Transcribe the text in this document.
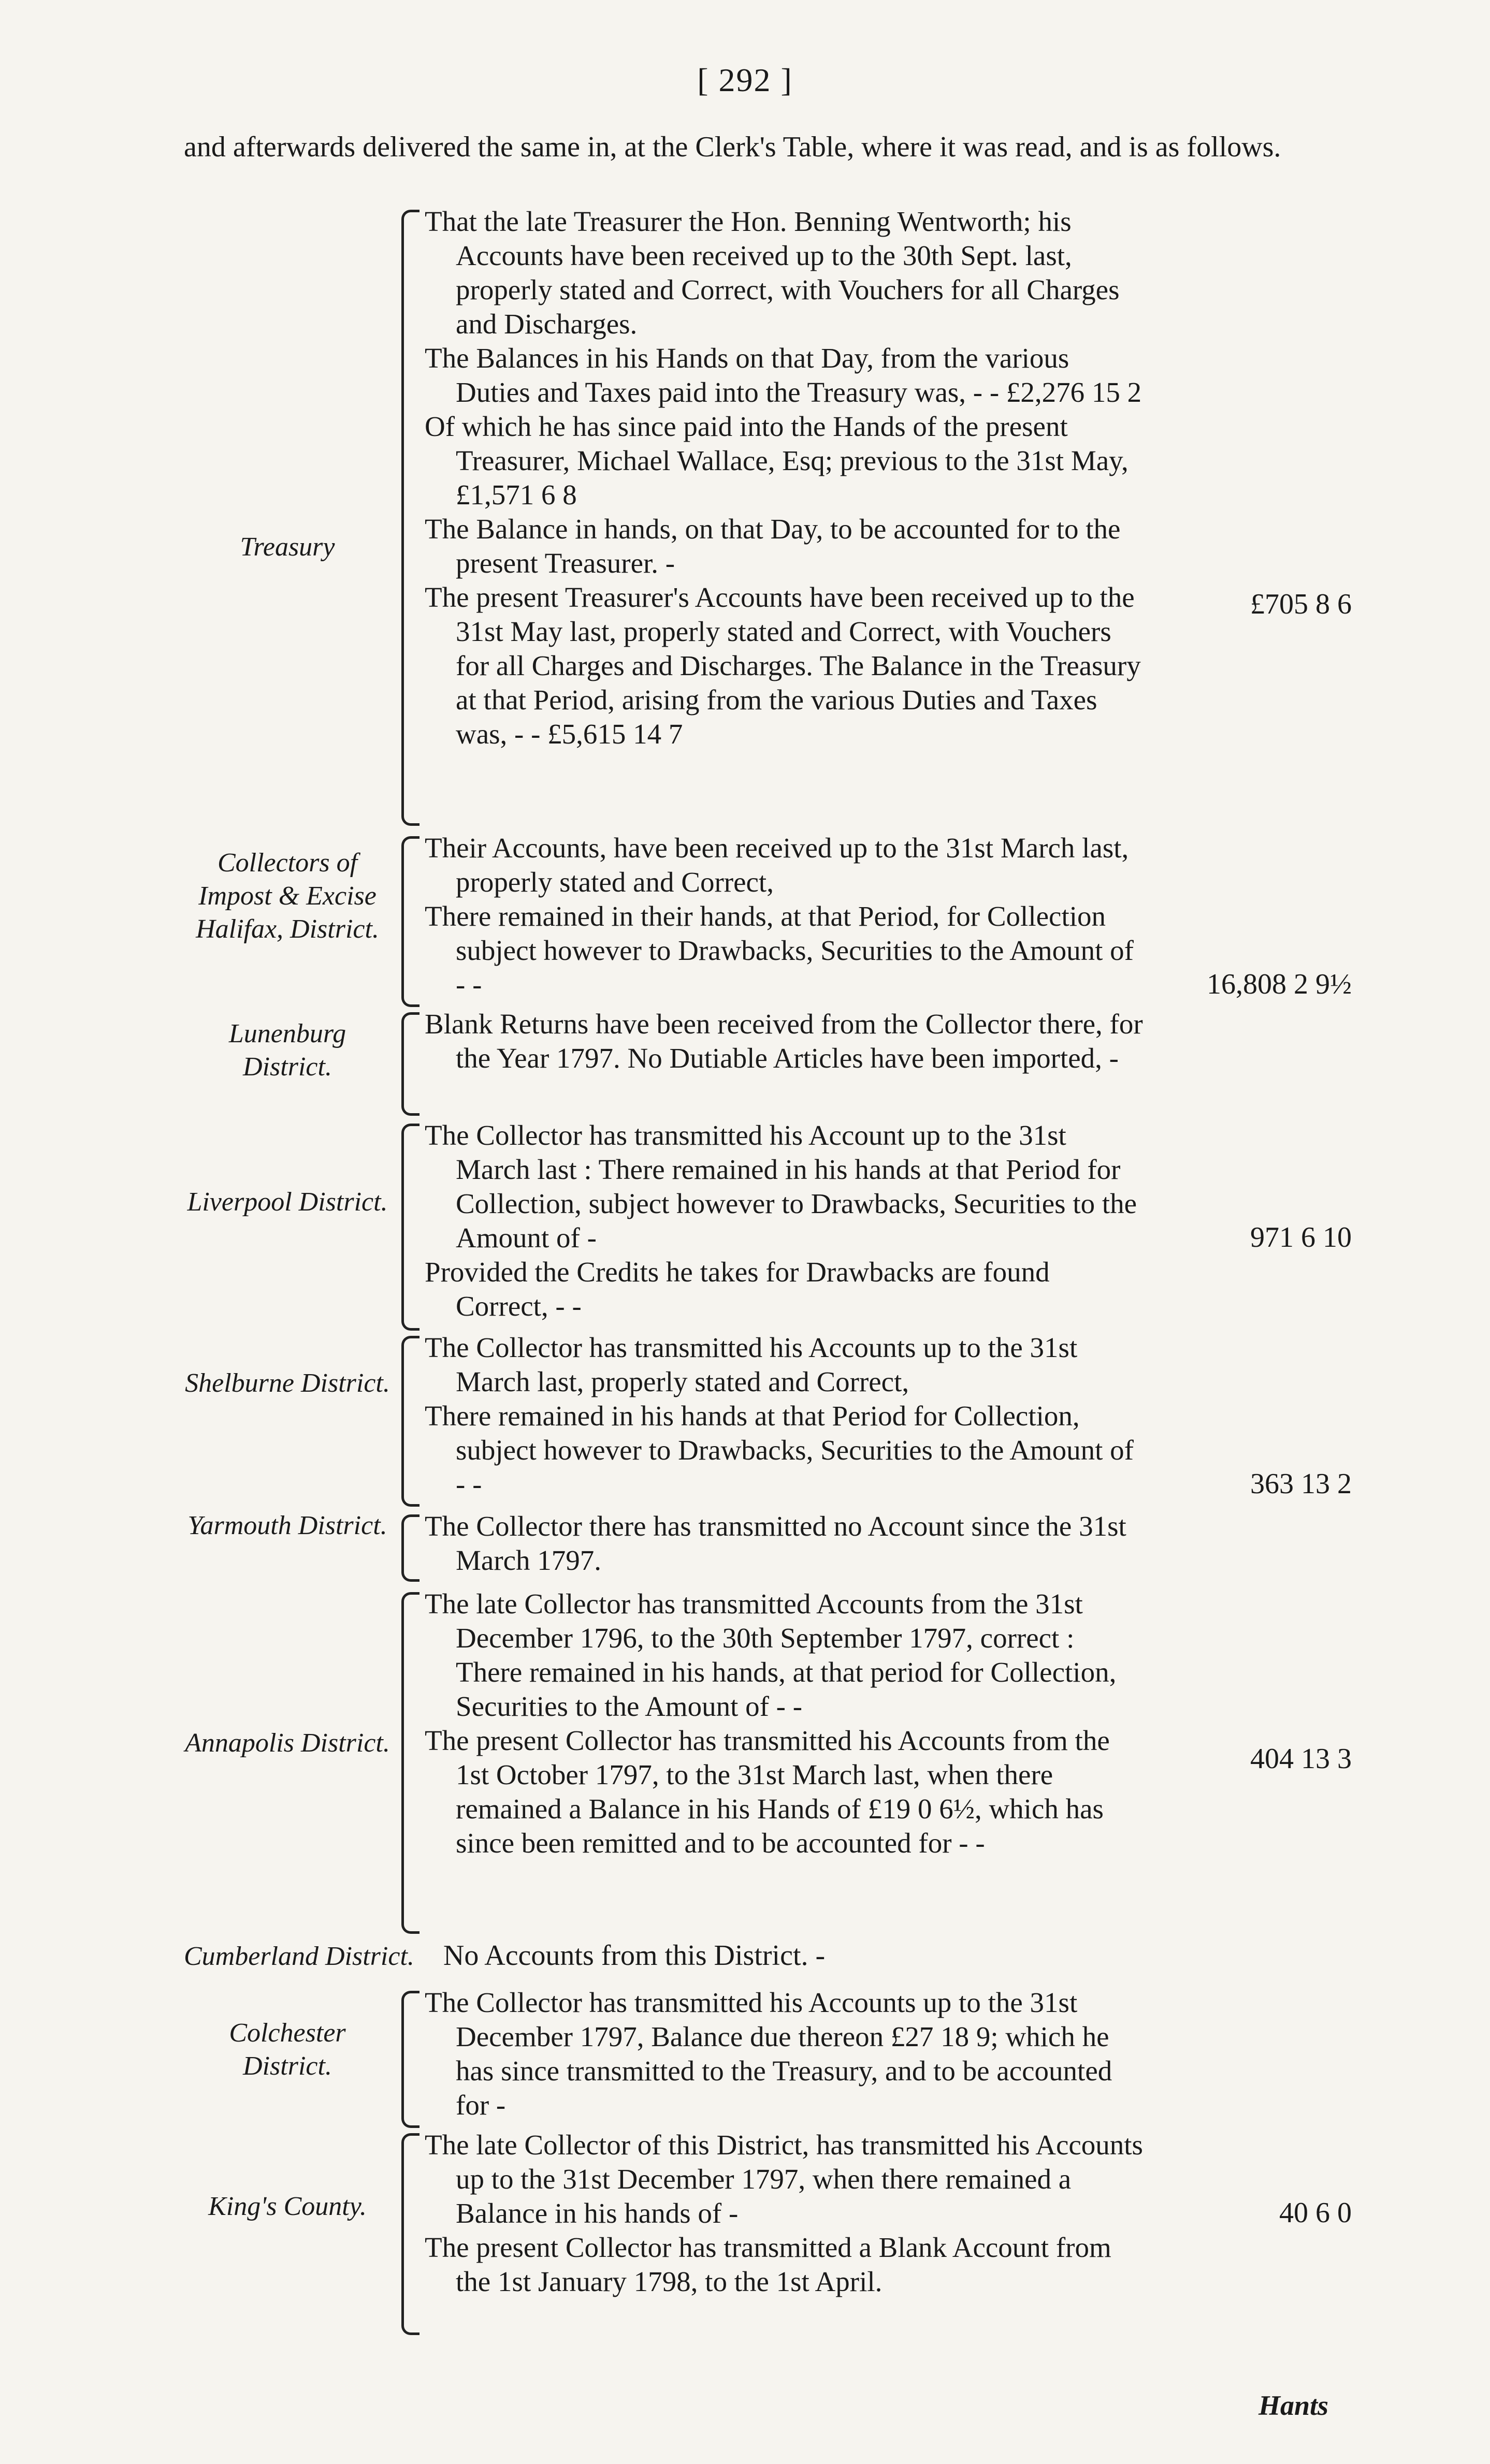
[ 292 ]
and afterwards delivered the same in, at the Clerk's Table, where it was read, and is as follows.
Treasury

That the late Treasurer the Hon. Benning Wentworth; his Accounts have been received up to the 30th Sept. last, properly stated and Correct, with Vouchers for all Charges and Discharges.

The Balances in his Hands on that Day, from the various Duties and Taxes paid into the Treasury was, - - £2,276 15 2

Of which he has since paid into the Hands of the present Treasurer, Michael Wallace, Esq; previous to the 31st May, £1,571 6 8

The Balance in hands, on that Day, to be accounted for to the present Treasurer. -

The present Treasurer's Accounts have been received up to the 31st May last, properly stated and Correct, with Vouchers for all Charges and Discharges. The Balance in the Treasury at that Period, arising from the various Duties and Taxes was, - - £5,615 14 7

£705 8 6
Collectors of Impost & Excise Halifax, District.

Their Accounts, have been received up to the 31st March last, properly stated and Correct,

There remained in their hands, at that Period, for Collection subject however to Drawbacks, Securities to the Amount of - -	16,808 2 9½
Lunenburg District.

Blank Returns have been received from the Collector there, for the Year 1797. No Dutiable Articles have been imported, -

Liverpool District.

The Collector has transmitted his Account up to the 31st March last : There remained in his hands at that Period for Collection, subject however to Drawbacks, Securities to the Amount of -

Provided the Credits he takes for Drawbacks are found Correct, - -

971 6 10
Shelburne District.

The Collector has transmitted his Accounts up to the 31st March last, properly stated and Correct,

There remained in his hands at that Period for Collection, subject however to Drawbacks, Securities to the Amount of - -	363 13 2
Yarmouth District. The Collector there has transmitted no Account since the 31st March 1797.

Annapolis District.

The late Collector has transmitted Accounts from the 31st December 1796, to the 30th September 1797, correct : There remained in his hands, at that period for Collection, Securities to the Amount of - -

The present Collector has transmitted his Accounts from the 1st October 1797, to the 31st March last, when there remained a Balance in his Hands of £19 0 6½, which has since been remitted and to be accounted for - -

404 13 3
Cumberland District. No Accounts from this District. -
Colchester District.

The Collector has transmitted his Accounts up to the 31st December 1797, Balance due thereon £27 18 9; which he has since transmitted to the Treasury, and to be accounted for -

King's County.

The late Collector of this District, has transmitted his Accounts up to the 31st December 1797, when there remained a Balance in his hands of -

The present Collector has transmitted a Blank Account from the 1st January 1798, to the 1st April.

40 6 0
Hants
